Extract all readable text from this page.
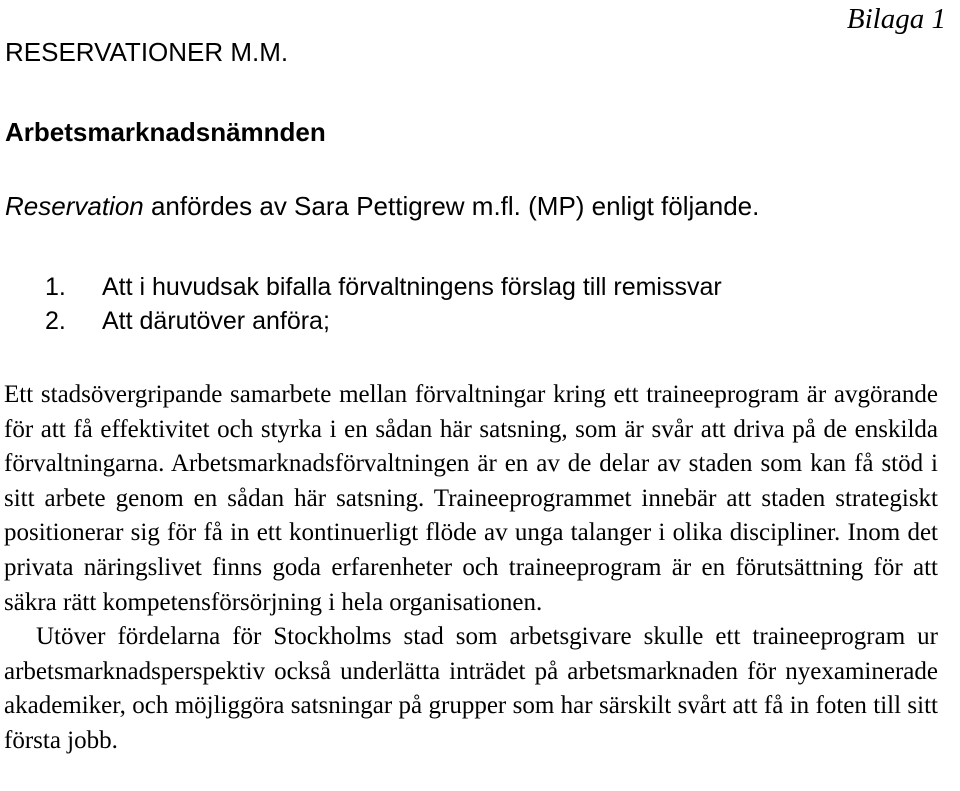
Bilaga 1
RESERVATIONER M.M.
Arbetsmarknadsnämnden
Reservation anfördes av Sara Pettigrew m.fl. (MP) enligt följande.
1. Att i huvudsak bifalla förvaltningens förslag till remissvar
2. Att därutöver anföra;

Ett stadsövergripande samarbete mellan förvaltningar kring ett traineeprogram är avgörande för att få effektivitet och styrka i en sådan här satsning, som är svår att driva på de enskilda förvaltningarna. Arbetsmarknadsförvaltningen är en av de delar av staden som kan få stöd i sitt arbete genom en sådan här satsning. Traineeprogrammet innebär att staden strategiskt positionerar sig för få in ett kontinuerligt flöde av unga talanger i olika discipliner. Inom det privata näringslivet finns goda erfarenheter och traineeprogram är en förutsättning för att säkra rätt kompetensförsörjning i hela organisationen.

Utöver fördelarna för Stockholms stad som arbetsgivare skulle ett traineeprogram ur arbetsmarknadsperspektiv också underlätta inträdet på arbetsmarknaden för nyexaminerade akademiker, och möjliggöra satsningar på grupper som har särskilt svårt att få in foten till sitt första jobb.
